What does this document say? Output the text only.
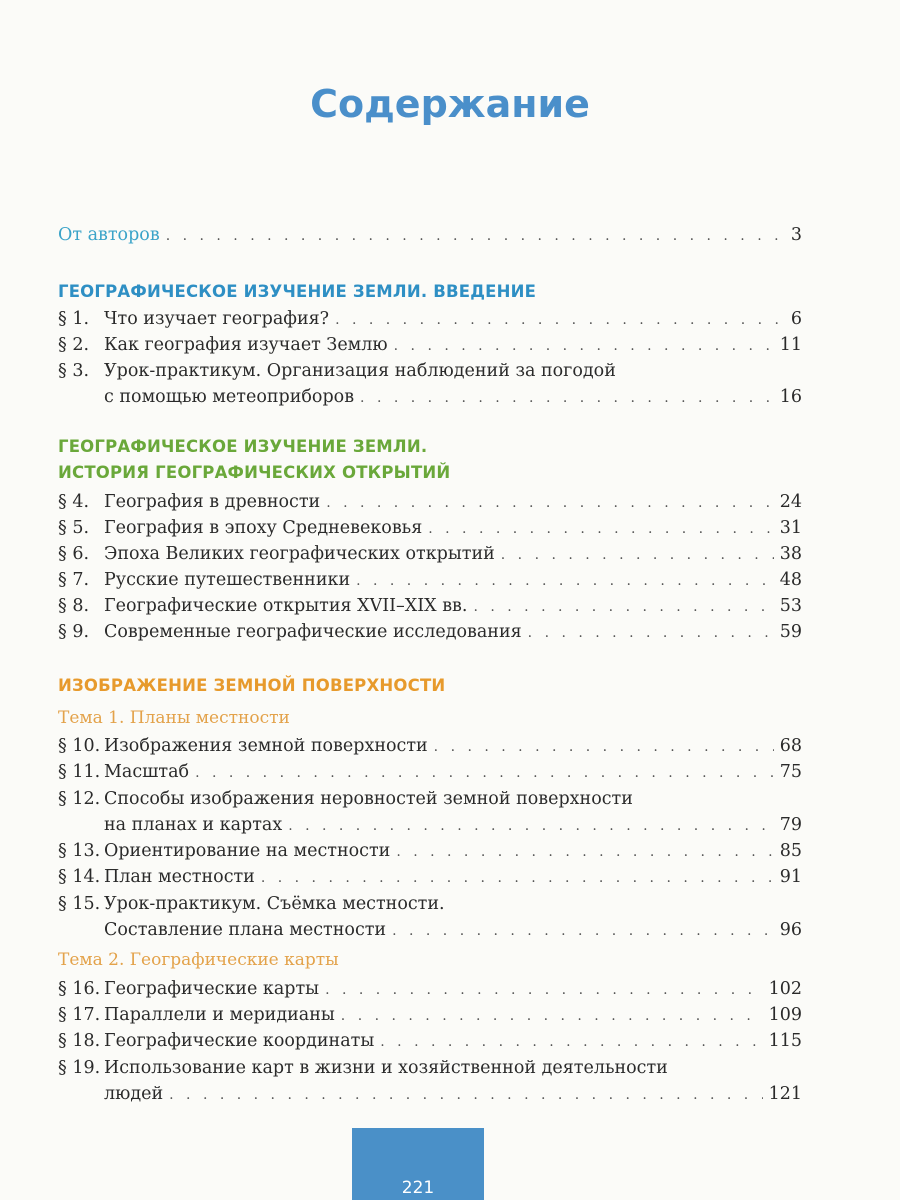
Содержание
От авторов . . .	3
ГЕОГРАФИЧЕСКОЕ ИЗУЧЕНИЕ ЗЕМЛИ. ВВЕДЕНИЕ
§ 1. Что изучает география? . . .	6
§ 2. Как география изучает Землю . . .	11
§ 3. Урок-практикум. Организация наблюдений за погодой
с помощью метеоприборов . . .	16
ГЕОГРАФИЧЕСКОЕ ИЗУЧЕНИЕ ЗЕМЛИ.
ИСТОРИЯ ГЕОГРАФИЧЕСКИХ ОТКРЫТИЙ
§ 4. География в древности . . .	24
§ 5. География в эпоху Средневековья . . .	31
§ 6. Эпоха Великих географических открытий . . .	38
§ 7. Русские путешественники . . .	48
§ 8. Географические открытия XVII–XIX вв. . . .	53
§ 9. Современные географические исследования . . .	59
ИЗОБРАЖЕНИЕ ЗЕМНОЙ ПОВЕРХНОСТИ
Тема 1. Планы местности
§ 10. Изображения земной поверхности . . .	68
§ 11. Масштаб . . .	75
§ 12. Способы изображения неровностей земной поверхности
на планах и картах . . .	79
§ 13. Ориентирование на местности . . .	85
§ 14. План местности . . .	91
§ 15. Урок-практикум. Съёмка местности.
Составление плана местности . . .	96
Тема 2. Географические карты
§ 16. Географические карты . . .	102
§ 17. Параллели и меридианы . . .	109
§ 18. Географические координаты . . .	115
§ 19. Использование карт в жизни и хозяйственной деятельности
людей . . .	121
221
